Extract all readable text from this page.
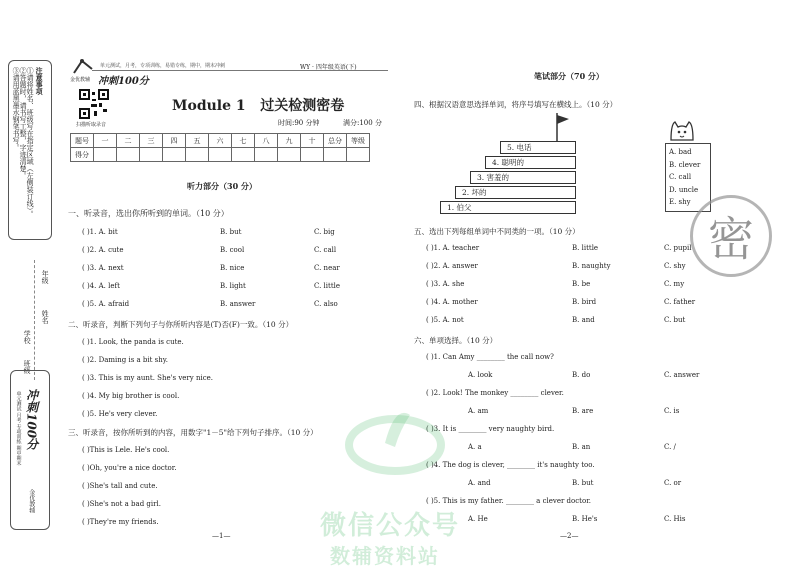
注意事项
①请将姓名、班级写在指定区域（左侧装订线）。
②答题时，请书写工整，字迹清楚。
③请用蓝黑墨水钢笔书写。
年级
姓名
学校
班级
冲刺100分
单元测试 月考 专项训练 期中期末
金优教辅
金优教辅
单元测试，月考，专项训练，易错专练，期中，期末冲刺
冲刺100分
WY · 四年级英语(下)
扫描听取录音
Module 1   过关检测密卷
时间:90 分钟	满分:100 分
题号	一	二	三	四	五	六	七	八	九	十	总分	等级
得分												
听力部分（30 分）
一、听录音，选出你所听到的单词。（10 分）
( )1. A. bit	B. but	C. big
( )2. A. cute	B. cool	C. call
( )3. A. next	B. nice	C. near
( )4. A. left	B. light	C. little
( )5. A. afraid	B. answer	C. also
二、听录音，判断下列句子与你所听内容是(T)否(F)一致。（10 分）
( )1. Look, the panda is cute.
( )2. Daming is a bit shy.
( )3. This is my aunt. She's very nice.
( )4. My big brother is cool.
( )5. He's very clever.
三、听录音，按你所听到的内容，用数字"1－5"给下列句子排序。（10 分）
( )This is Lele. He's cool.
( )Oh, you're a nice doctor.
( )She's tall and cute.
( )She's not a bad girl.
( )They're my friends.
—1—
笔试部分（70 分）
四、根据汉语意思选择单词，将序号填写在横线上。（10 分）
5. 电话
4. 聪明的
3. 害羞的
2. 坏的
1. 伯父
A. bad
B. clever
C. call
D. uncle
E. shy
密
五、选出下列每组单词中不同类的一项。（10 分）
( )1. A. teacher	B. little	C. pupil
( )2. A. answer	B. naughty	C. shy
( )3. A. she	B. be	C. my
( )4. A. mother	B. bird	C. father
( )5. A. not	B. and	C. but
六、单项选择。（10 分）
( )1. Can Amy ________ the call now?
A. look	B. do	C. answer
( )2. Look! The monkey ________ clever.
A. am	B. are	C. is
( )3. It is ________ very naughty bird.
A. a	B. an	C. /
( )4. The dog is clever, ________ it's naughty too.
A. and	B. but	C. or
( )5. This is my father. ________ a clever doctor.
A. He	B. He's	C. His
—2—
微信公众号
数辅资料站
